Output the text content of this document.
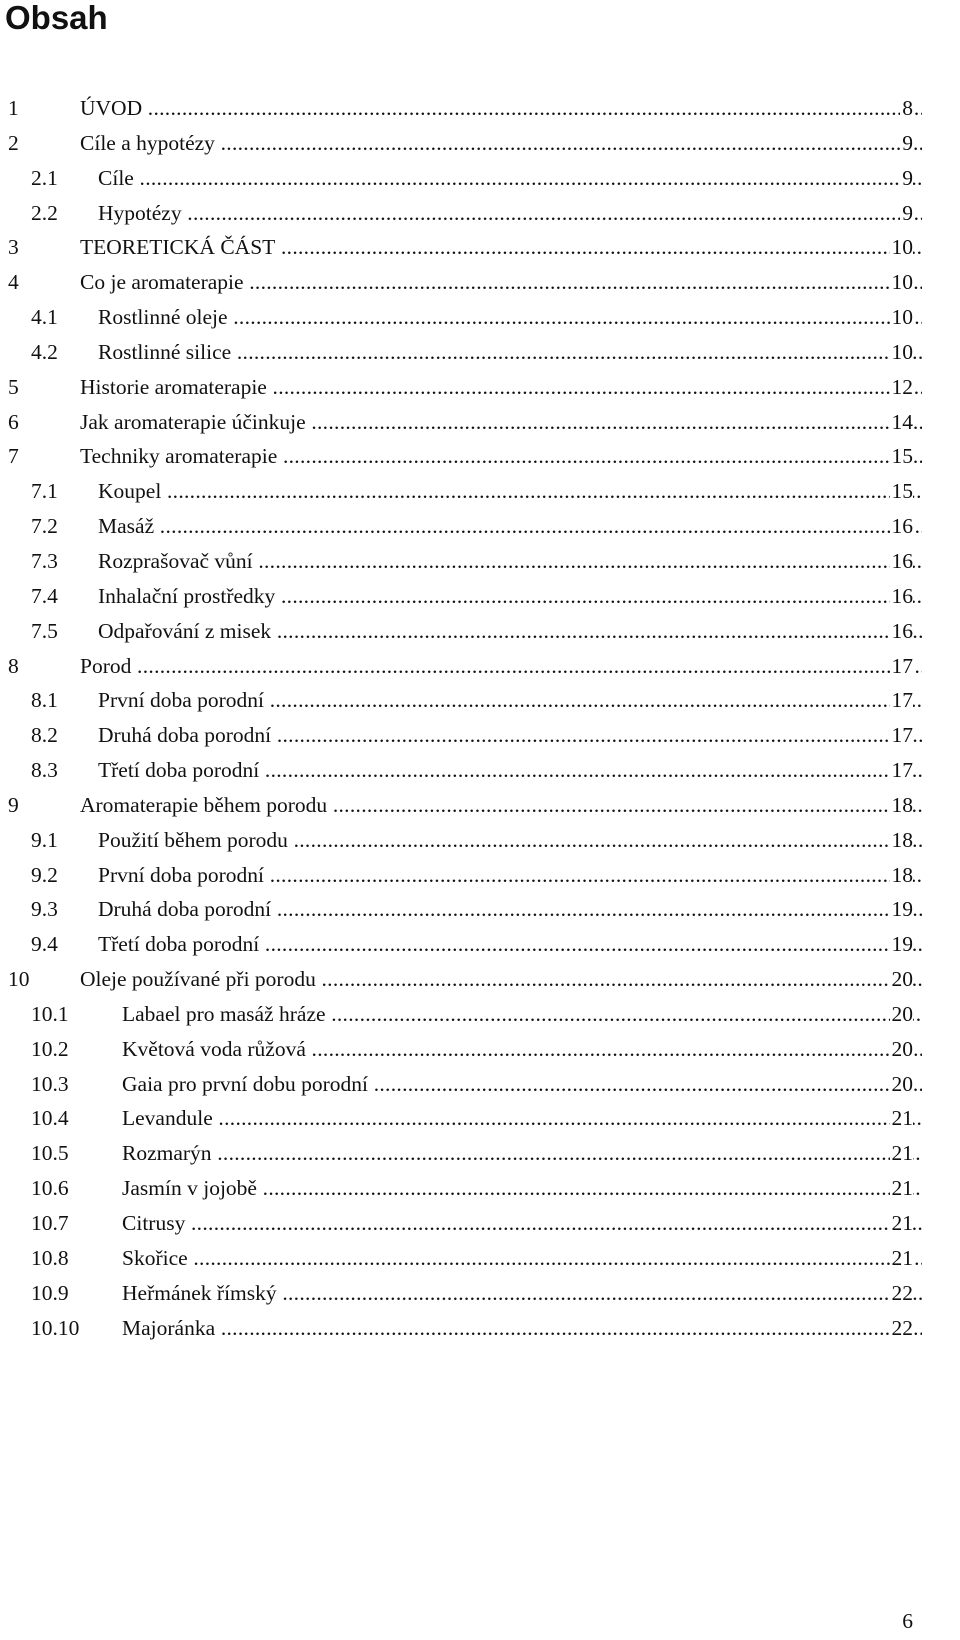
Obsah
1	ÚVOD .....	8
2	Cíle a hypotézy .....	9
2.1 Cíle .....	9
2.2 Hypotézy .....	9
3	TEORETICKÁ ČÁST .....	10
4	Co je aromaterapie .....	10
4.1 Rostlinné oleje .....	10
4.2 Rostlinné silice .....	10
5	Historie aromaterapie .....	12
6	Jak aromaterapie účinkuje .....	14
7	Techniky aromaterapie .....	15
7.1 Koupel .....	15
7.2 Masáž .....	16
7.3 Rozprašovač vůní .....	16
7.4 Inhalační prostředky .....	16
7.5 Odpařování z misek .....	16
8	Porod .....	17
8.1 První doba porodní .....	17
8.2 Druhá doba porodní .....	17
8.3 Třetí doba porodní .....	17
9	Aromaterapie během porodu .....	18
9.1 Použití během porodu .....	18
9.2 První doba porodní .....	18
9.3 Druhá doba porodní .....	19
9.4 Třetí doba porodní .....	19
10 Oleje používané při porodu .....	20
10.1 Labael pro masáž hráze .....	20
10.2 Květová voda růžová .....	20
10.3 Gaia pro první dobu porodní .....	20
10.4 Levandule .....	21
10.5 Rozmarýn .....	21
10.6 Jasmín v jojobě .....	21
10.7 Citrusy .....	21
10.8 Skořice .....	21
10.9 Heřmánek římský .....	22
10.10 Majoránka .....	22
6
